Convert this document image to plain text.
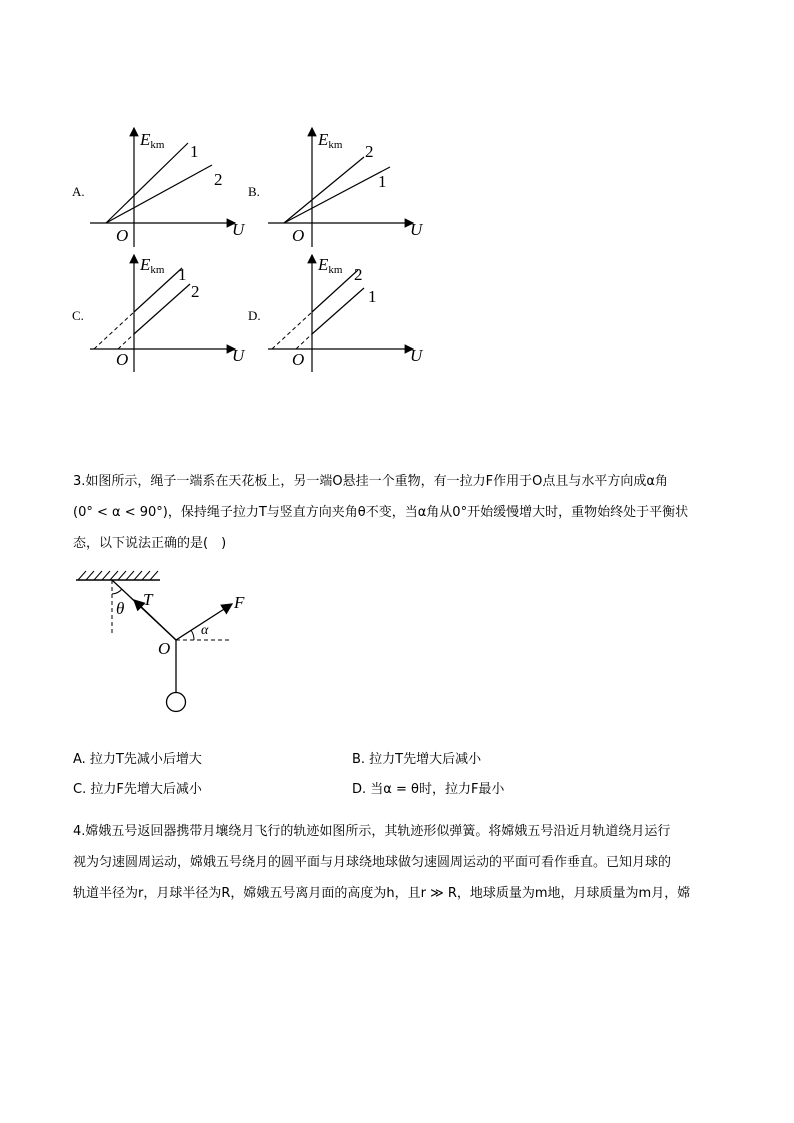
A.
Ekm 1
2
O	U
B.
Ekm 2
1
O	U
C.
Ekm 1
2
O	U
D.
Ekm 2
1
O	U
3.如图所示，绳子一端系在天花板上，另一端O悬挂一个重物，有一拉力F作用于O点且与水平方向成α角
(0° < α < 90°)，保持绳子拉力T与竖直方向夹角θ不变，当α角从0°开始缓慢增大时，重物始终处于平衡状
态，以下说法正确的是(　)
θ T	F
α
O
A. 拉力T先减小后增大	B. 拉力T先增大后减小
C. 拉力F先增大后减小	D. 当α = θ时，拉力F最小
4.嫦娥五号返回器携带月壤绕月飞行的轨迹如图所示，其轨迹形似弹簧。将嫦娥五号沿近月轨道绕月运行
视为匀速圆周运动，嫦娥五号绕月的圆平面与月球绕地球做匀速圆周运动的平面可看作垂直。已知月球的
轨道半径为r，月球半径为R，嫦娥五号离月面的高度为h，且r ≫ R，地球质量为m地，月球质量为m月，嫦
